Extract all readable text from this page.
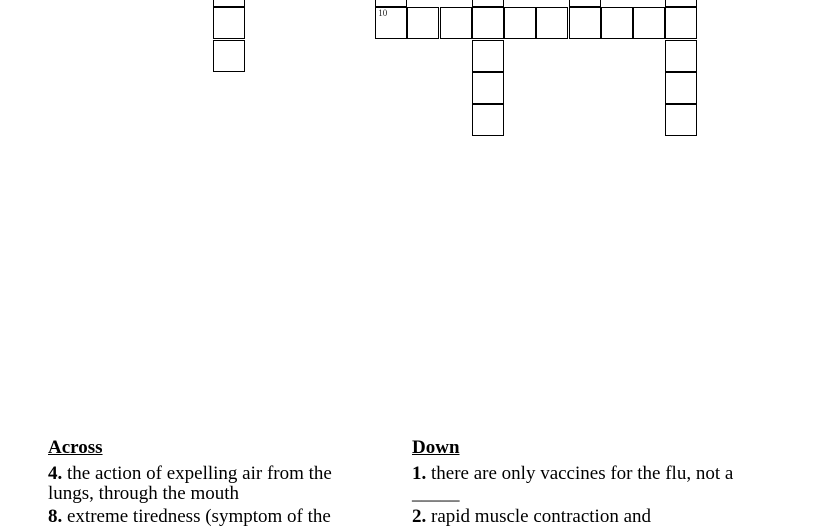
10
Across
4. the action of expelling air from the lungs, through the mouth
8. extreme tiredness (symptom of the
Down
1. there are only vaccines for the flu, not a _____
2. rapid muscle contraction and
